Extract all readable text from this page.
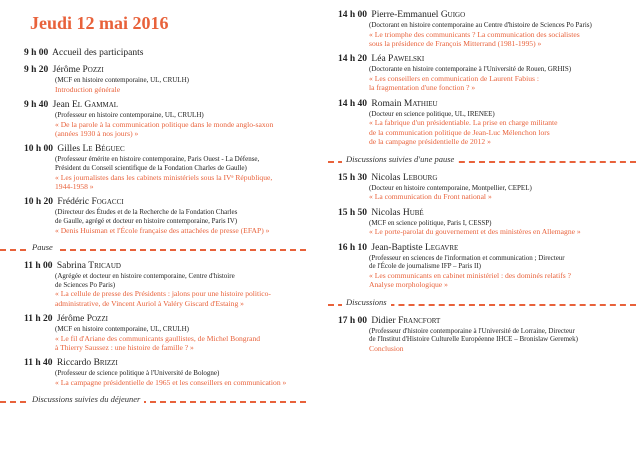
Jeudi 12 mai 2016
9 h 00 Accueil des participants
9 h 20 Jérôme Pozzi
(MCF en histoire contemporaine, UL, CRULH)
Introduction générale
9 h 40 Jean El Gammal
(Professeur en histoire contemporaine, UL, CRULH)
« De la parole à la communication politique dans le monde anglo-saxon
(années 1930 à nos jours) »
10 h 00 Gilles Le Béguec
(Professeur émérite en histoire contemporaine, Paris Ouest - La Défense,
Président du Conseil scientifique de la Fondation Charles de Gaulle)
« Les journalistes dans les cabinets ministériels sous la IVᵉ République,
1944-1958 »
10 h 20 Frédéric Fogacci
(Directeur des Études et de la Recherche de la Fondation Charles
de Gaulle, agrégé et docteur en histoire contemporaine, Paris IV)
« Denis Huisman et l'École française des attachées de presse (EFAP) »
Pause
11 h 00 Sabrina Tricaud
(Agrégée et docteur en histoire contemporaine, Centre d'histoire
de Sciences Po Paris)
« La cellule de presse des Présidents : jalons pour une histoire politico-
administrative, de Vincent Auriol à Valéry Giscard d'Estaing »
11 h 20 Jérôme Pozzi
(MCF en histoire contemporaine, UL, CRULH)
« Le fil d'Ariane des communicants gaullistes, de Michel Bongrand
à Thierry Saussez : une histoire de famille ? »
11 h 40 Riccardo Brizzi
(Professeur de science politique à l'Université de Bologne)
« La campagne présidentielle de 1965 et les conseillers en communication »
Discussions suivies du déjeuner
14 h 00 Pierre-Emmanuel Guigo
(Doctorant en histoire contemporaine au Centre d'histoire de Sciences Po Paris)
« Le triomphe des communicants ? La communication des socialistes
sous la présidence de François Mitterrand (1981-1995) »
14 h 20 Léa Pawelski
(Doctorante en histoire contemporaine à l'Université de Rouen, GRHIS)
« Les conseillers en communication de Laurent Fabius :
la fragmentation d'une fonction ? »
14 h 40 Romain Mathieu
(Docteur en science politique, UL, IRENEE)
« La fabrique d'un présidentiable. La prise en charge militante
de la communication politique de Jean-Luc Mélenchon lors
de la campagne présidentielle de 2012 »
Discussions suivies d'une pause
15 h 30 Nicolas Lebourg
(Docteur en histoire contemporaine, Montpellier, CEPEL)
« La communication du Front national »
15 h 50 Nicolas Hubé
(MCF en science politique, Paris I, CESSP)
« Le porte-parolat du gouvernement et des ministères en Allemagne »
16 h 10 Jean-Baptiste Legavre
(Professeur en sciences de l'information et communication ; Directeur
de l'École de journalisme IFP – Paris II)
« Les communicants en cabinet ministériel : des dominés relatifs ?
Analyse morphologique »
Discussions
17 h 00 Didier Francfort
(Professeur d'histoire contemporaine à l'Université de Lorraine, Directeur
de l'Institut d'Histoire Culturelle Européenne IHCE – Bronislaw Geremek)
Conclusion
